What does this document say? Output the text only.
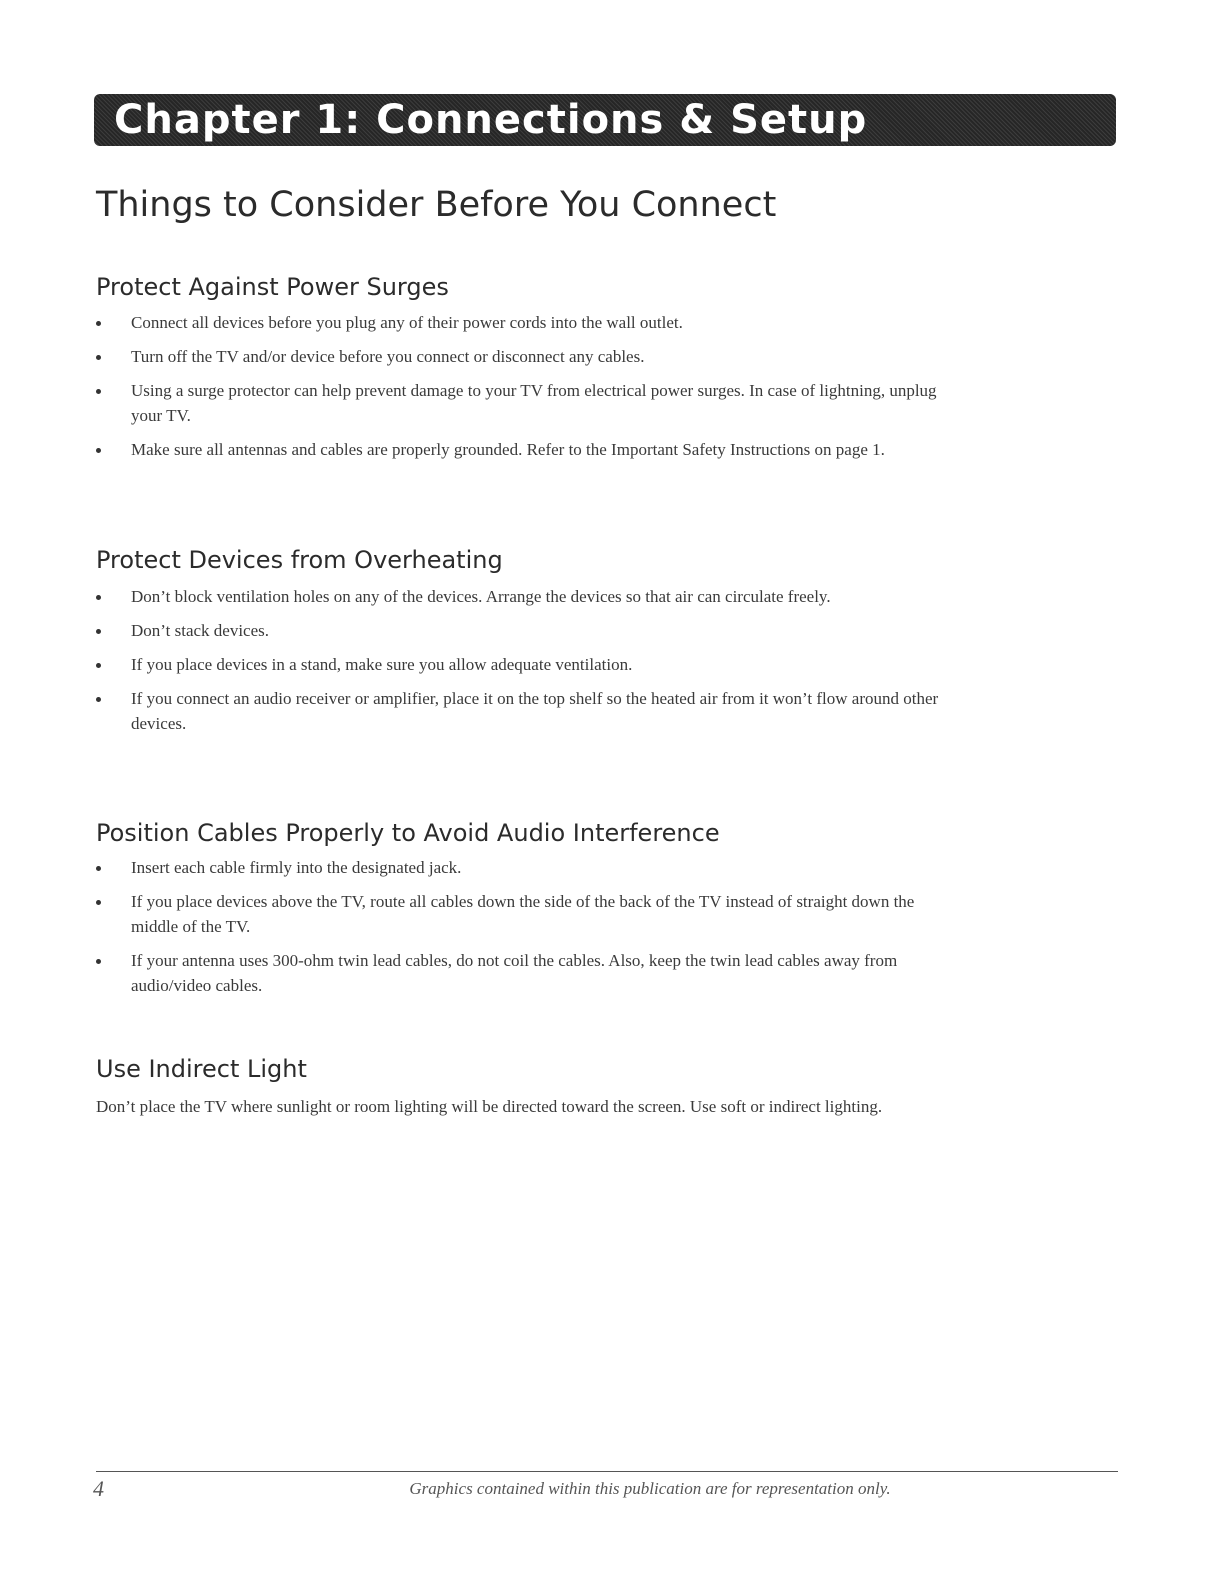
Chapter 1: Connections & Setup
Things to Consider Before You Connect
Protect Against Power Surges
Connect all devices before you plug any of their power cords into the wall outlet.
Turn off the TV and/or device before you connect or disconnect any cables.
Using a surge protector can help prevent damage to your TV from electrical power surges. In case of lightning, unplug your TV.
Make sure all antennas and cables are properly grounded. Refer to the Important Safety Instructions on page 1.
Protect Devices from Overheating
Don’t block ventilation holes on any of the devices. Arrange the devices so that air can circulate freely.
Don’t stack devices.
If you place devices in a stand, make sure you allow adequate ventilation.
If you connect an audio receiver or amplifier, place it on the top shelf so the heated air from it won’t flow around other devices.
Position Cables Properly to Avoid Audio Interference
Insert each cable firmly into the designated jack.
If you place devices above the TV, route all cables down the side of the back of the TV instead of straight down the middle of the TV.
If your antenna uses 300-ohm twin lead cables, do not coil the cables. Also, keep the twin lead cables away from audio/video cables.
Use Indirect Light

Don’t place the TV where sunlight or room lighting will be directed toward the screen. Use soft or indirect lighting.

4	Graphics contained within this publication are for representation only.
